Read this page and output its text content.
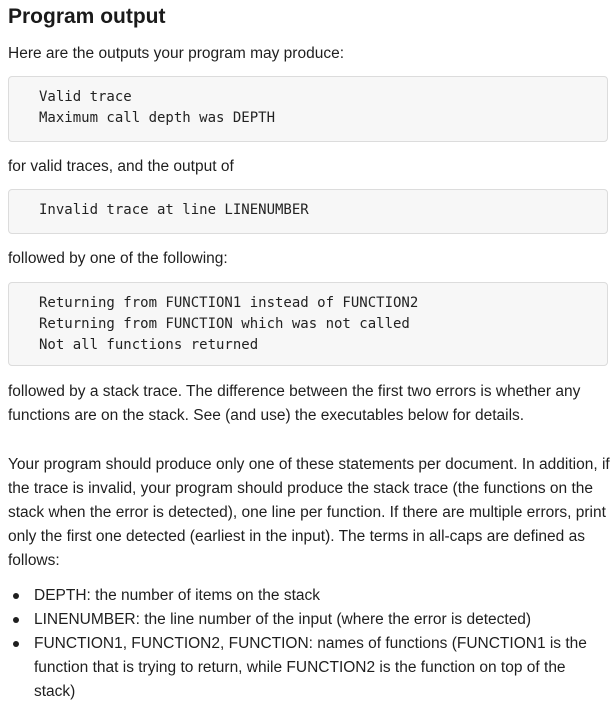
Program output

Here are the outputs your program may produce:

Valid trace
Maximum call depth was DEPTH

for valid traces, and the output of

Invalid trace at line LINENUMBER

followed by one of the following:

Returning from FUNCTION1 instead of FUNCTION2
Returning from FUNCTION which was not called
Not all functions returned

followed by a stack trace. The difference between the first two errors is whether any functions are on the stack. See (and use) the executables below for details.

Your program should produce only one of these statements per document. In addition, if the trace is invalid, your program should produce the stack trace (the functions on the stack when the error is detected), one line per function. If there are multiple errors, print only the first one detected (earliest in the input). The terms in all-caps are defined as follows:

DEPTH: the number of items on the stack
LINENUMBER: the line number of the input (where the error is detected)
FUNCTION1, FUNCTION2, FUNCTION: names of functions (FUNCTION1 is the function that is trying to return, while FUNCTION2 is the function on top of the stack)
